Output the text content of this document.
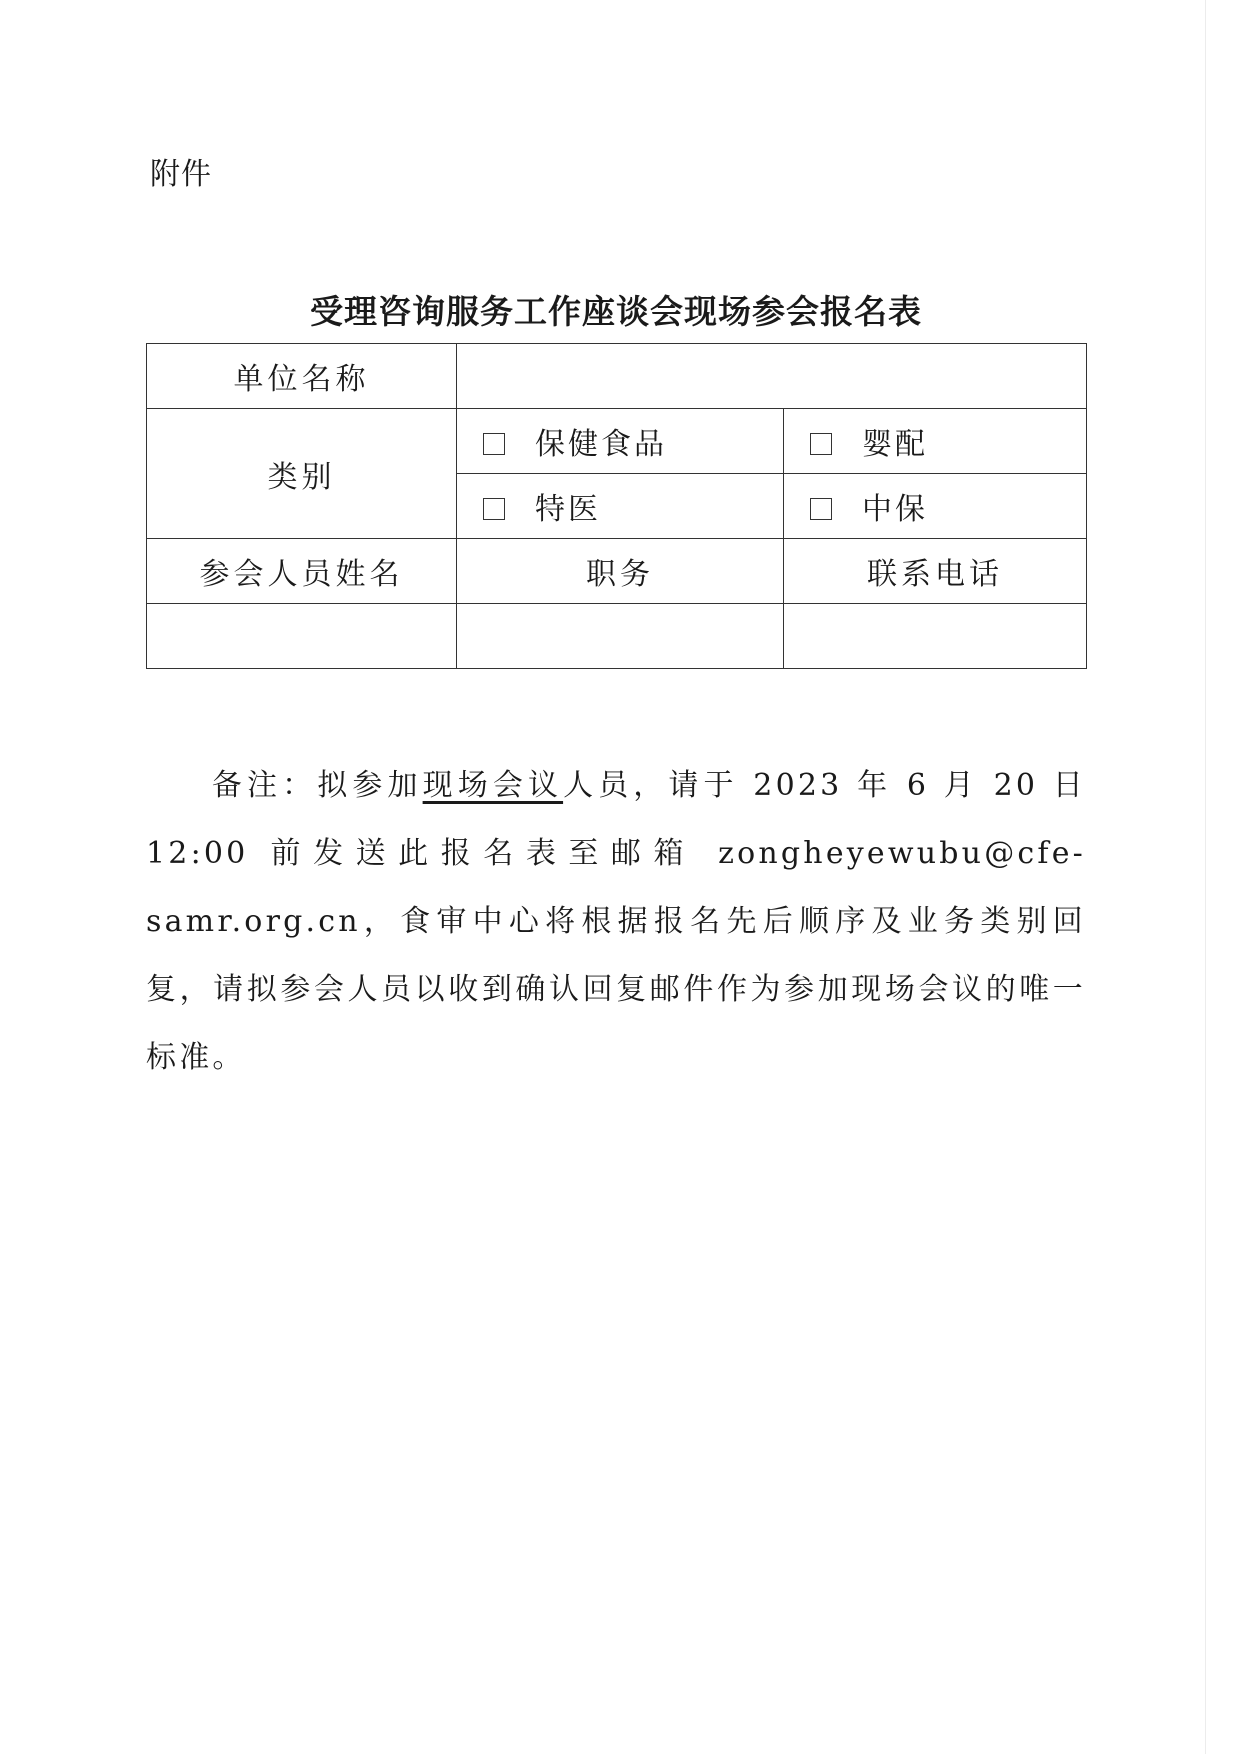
附件
受理咨询服务工作座谈会现场参会报名表
单位名称		
类别	保健食品	婴配
	特医	中保
参会人员姓名	职务	联系电话

备注：拟参加现场会议人员，请于 2023 年 6 月 20 日 12:00 前发送此报名表至邮箱 zongheyewubu@cfe-samr.org.cn，食审中心将根据报名先后顺序及业务类别回复，请拟参会人员以收到确认回复邮件作为参加现场会议的唯一标准。
